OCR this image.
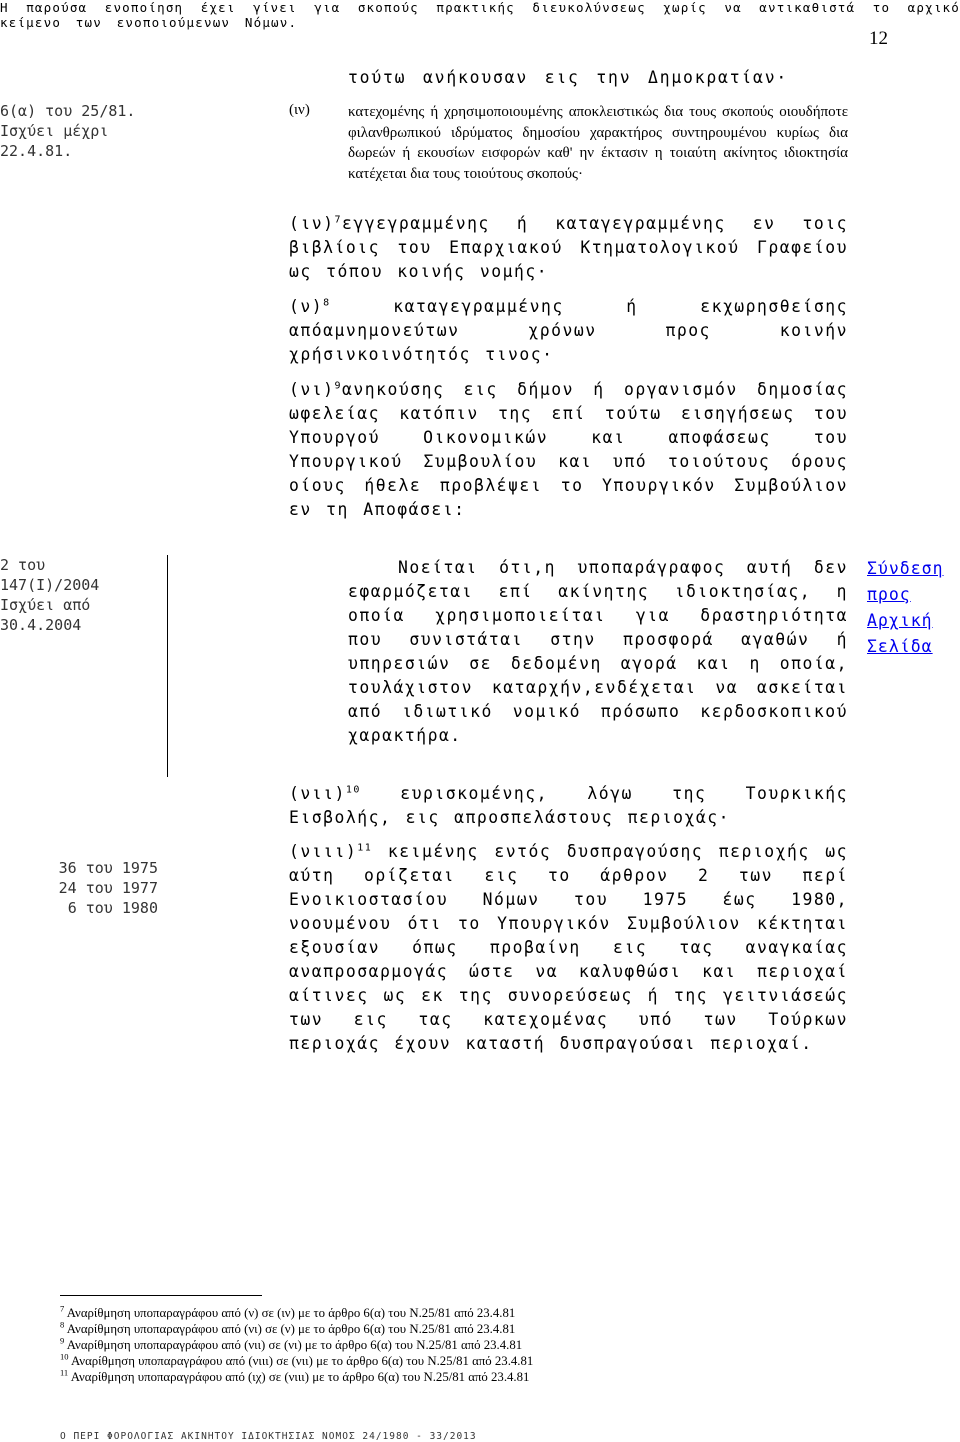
Η παρούσα ενοποίηση έχει γίνει για σκοπούς πρακτικής διευκολύνσεως χωρίς να αντικαθιστά το αρχικό κείμενο των ενοποιούμενων Νόμων.
12
6(α) του 25/81.
Ισχύει μέχρι
22.4.81.
2 του
147(Ι)/2004
Ισχύει από
30.4.2004
36 του 1975
24 του 1977
6 του 1980
τούτω ανήκουσαν εις την Δημοκρατίαν·
(ιν)	κατεχομένης ή χρησιμοποιουμένης αποκλειστικώς δια τους σκοπούς οιουδήποτε φιλανθρωπικού ιδρύματος δημοσίου χαρακτήρος συντηρουμένου κυρίως δια δωρεών ή εκουσίων εισφορών καθ' ην έκτασιν η τοιαύτη ακίνητος ιδιοκτησία κατέχεται δια τους τοιούτους σκοπούς·
$(\iota\nu)^7\varepsilon\gamma\gamma\varepsilon\gamma\rho\alpha\mu\mu έ\nu\eta\varsigma$ ή καταγεγραμμένης εν τοις βιβλίοις του Επαρχιακού Κτηματολογικού Γραφείου ως τόπου κοινής νομής·
$(\nu)^8$	καταγεγραμμένης ή εκχωρησθείσης απόαμνημονεύτων χρόνων προς κοινήν χρήσινκοινότητός τινος·
$(\nu\iota)^9\alpha\nu\eta\kappa oύ\sigma\eta\varsigma$ εις δήμον ή οργανισμόν δημοσίας ωφελείας κατόπιν της επί τούτω εισηγήσεως του Υπουργού Οικονομικών και αποφάσεως του Υπουργικού Συμβουλίου και υπό τοιούτους όρους οίους ήθελε προβλέψει το Υπουργικόν Συμβούλιον εν τη Αποφάσει:
Νοείται ότι,η υποπαράγραφος αυτή δεν εφαρμόζεται επί ακίνητης ιδιοκτησίας, η οποία χρησιμοποιείται για δραστηριότητα που συνιστάται στην προσφορά αγαθών ή υπηρεσιών σε δεδομένη αγορά και η οποία, τουλάχιστον καταρχήν,ενδέχεται να ασκείται από ιδιωτικό νομικό πρόσωπο κερδοσκοπικού χαρακτήρα.
$(\nu\iota\iota)^{10}$ ευρισκομένης, λόγω της Τουρκικής Εισβολής, εις απροσπελάστους περιοχάς·
$(\nu\iota\iota\iota)^{11}$ κειμένης εντός δυσπραγούσης περιοχής ως αύτη ορίζεται εις το άρθρον 2 των περί Ενοικιοστασίου Νόμων του 1975 έως 1980, νοουμένου ότι το Υπουργικόν Συμβούλιον κέκτηται εξουσίαν όπως προβαίνη εις τας αναγκαίας αναπροσαρμογάς ώστε να καλυφθώσι και περιοχαί αίτινες ως εκ της συνορεύσεως ή της γειτνιάσεώς των εις τας κατεχομένας υπό των Τούρκων περιοχάς έχουν καταστή δυσπραγούσαι περιοχαί.
Σύνδεση
προς
Αρχική
Σελίδα
$^7$ Αναρίθμηση υποπαραγράφου από (ν) σε (ιν) με το άρθρο 6(α) του Ν.25/81 από 23.4.81
$^8$ Αναρίθμηση υποπαραγράφου από (νι) σε (ν) με το άρθρο 6(α) του Ν.25/81 από 23.4.81
$^9$ Αναρίθμηση υποπαραγράφου από (νιι) σε (νι) με το άρθρο 6(α) του Ν.25/81 από 23.4.81
$^{10}$ Αναρίθμηση υποπαραγράφου από (νιιι) σε (νιι) με το άρθρο 6(α) του Ν.25/81 από 23.4.81
$^{11}$ Αναρίθμηση υποπαραγράφου από (ιχ) σε (νιιι) με το άρθρο 6(α) του Ν.25/81 από 23.4.81
Ο ΠΕΡΙ ΦΟΡΟΛΟΓΙΑΣ ΑΚΙΝΗΤΟΥ ΙΔΙΟΚΤΗΣΙΑΣ ΝΟΜΟΣ 24/1980 - 33/2013
